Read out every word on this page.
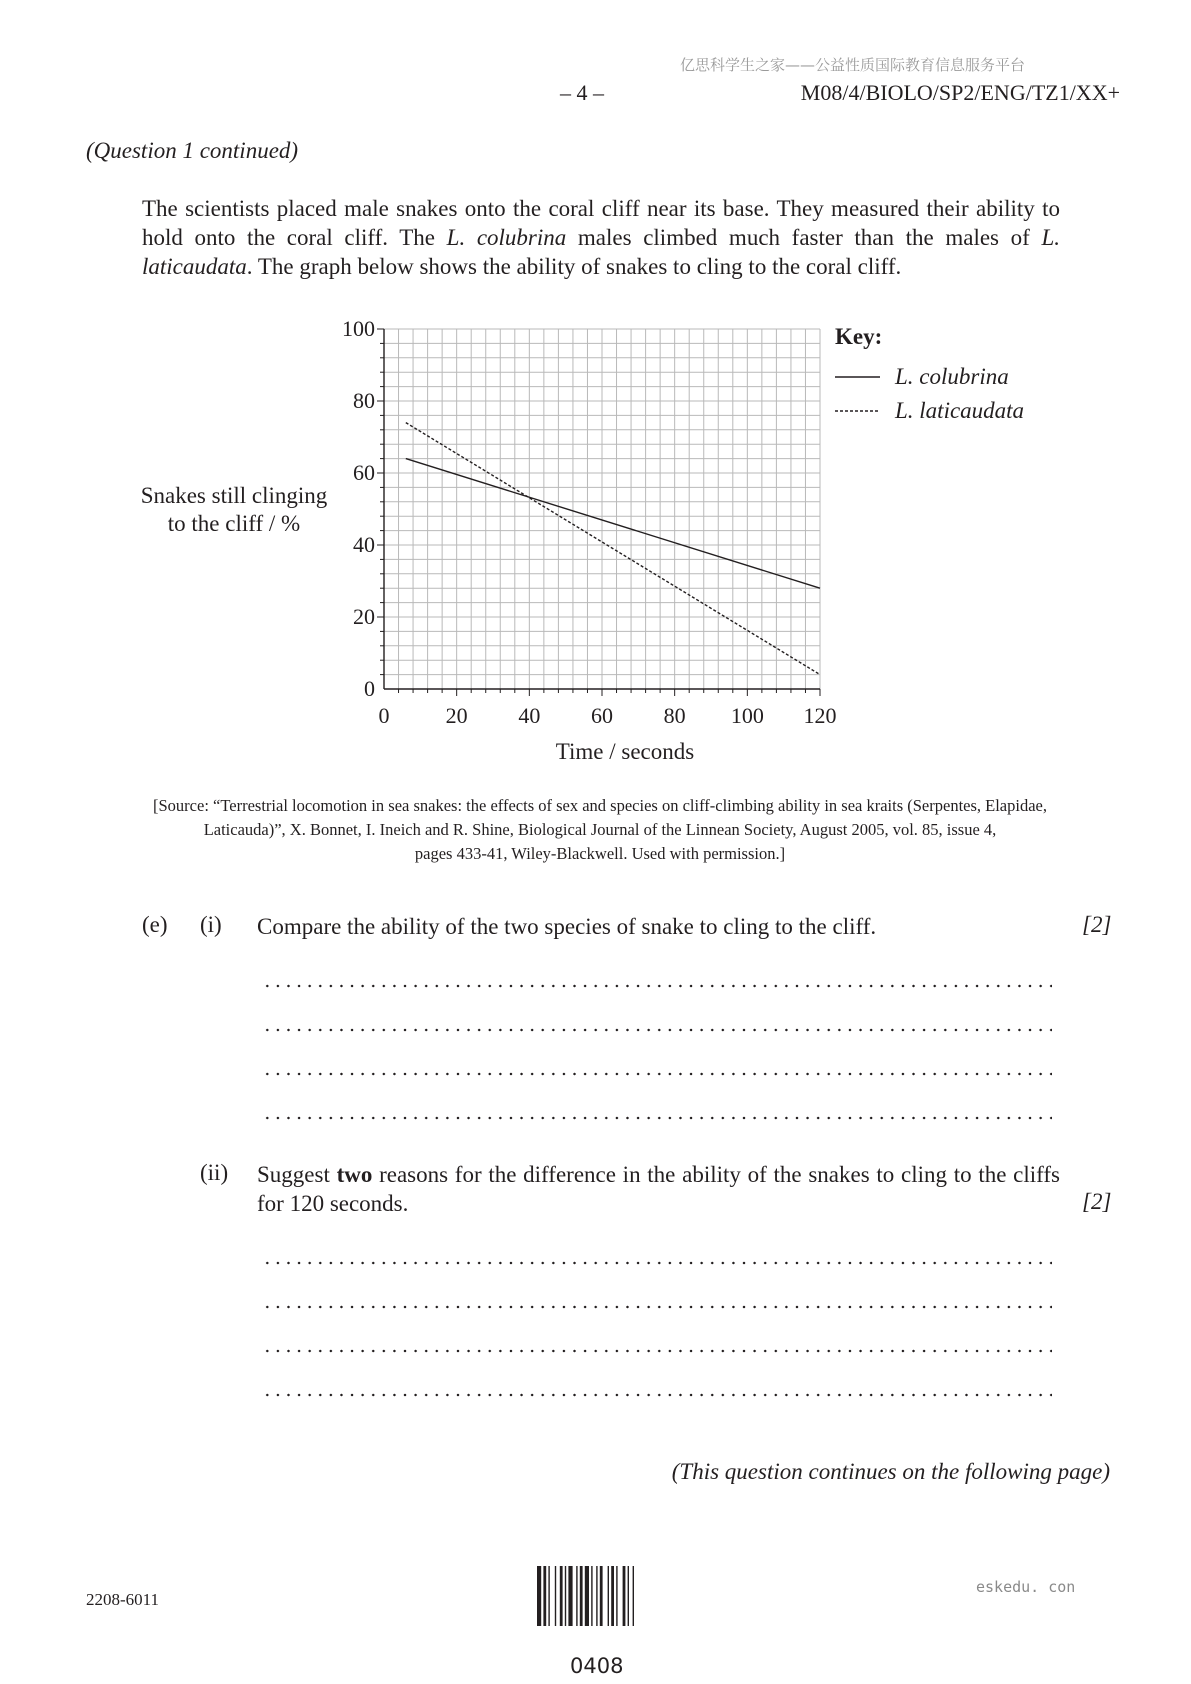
亿思科学生之家——公益性质国际教育信息服务平台
– 4 –	M08/4/BIOLO/SP2/ENG/TZ1/XX+
(Question 1 continued)
The scientists placed male snakes onto the coral cliff near its base. They measured their ability to hold onto the coral cliff. The L. colubrina males climbed much faster than the males of L. laticaudata. The graph below shows the ability of snakes to cling to the coral cliff.
0	20 40 60 80 100 120
0
20
40
60
80
100
Snakes still clinging
to the cliff / %
Time / seconds
Key:
L. colubrina
L. laticaudata
[Source: “Terrestrial locomotion in sea snakes: the effects of sex and species on cliff-climbing ability in sea kraits (Serpentes, Elapidae,
Laticauda)”, X. Bonnet, I. Ineich and R. Shine, Biological Journal of the Linnean Society, August 2005, vol. 85, issue 4,
pages 433-41, Wiley-Blackwell. Used with permission.]
(e) (i) Compare the ability of the two species of snake to cling to the cliff.	[2]
(ii) Suggest two reasons for the difference in the ability of the snakes to cling to the cliffs for 120 seconds.	[2]
(This question continues on the following page)
2208-6011
eskedu. con
0408
